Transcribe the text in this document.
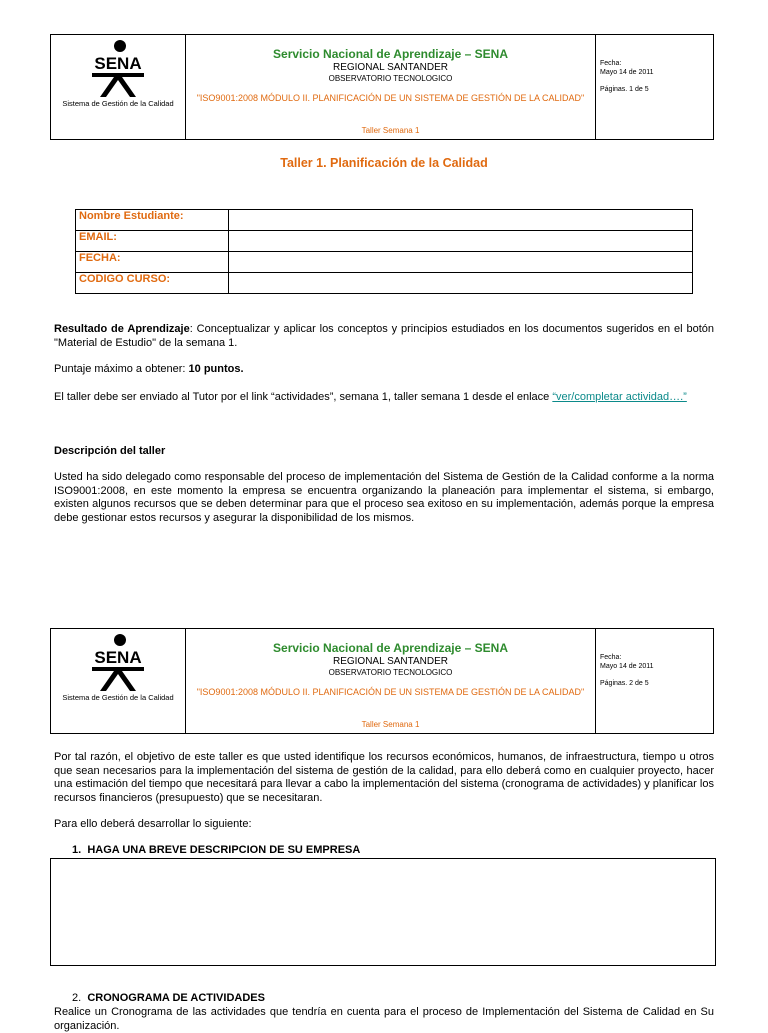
SENA
Sistema de Gestión de la Calidad
Servicio Nacional de Aprendizaje – SENA
REGIONAL SANTANDER
OBSERVATORIO TECNOLOGICO
"ISO9001:2008 MÓDULO II. PLANIFICACIÓN DE UN SISTEMA DE GESTIÓN DE LA CALIDAD"
Taller Semana 1
Fecha:
Mayo 14 de 2011
Páginas. 1 de 5
Taller 1. Planificación de la Calidad
Nombre Estudiante:	
EMAIL:	
FECHA:	
CODIGO CURSO:	
Resultado de Aprendizaje: Conceptualizar y aplicar los conceptos y principios estudiados en los documentos sugeridos en el botón "Material de Estudio" de la semana 1.
Puntaje máximo a obtener: 10 puntos.
El taller debe ser enviado al Tutor por el link “actividades”, semana 1, taller semana 1 desde el enlace “ver/completar actividad….”
Descripción del taller
Usted ha sido delegado como responsable del proceso de implementación del Sistema de Gestión de la Calidad conforme a la norma ISO9001:2008, en este momento la empresa se encuentra organizando la planeación para implementar el sistema, si embargo, existen algunos recursos que se deben determinar para que el proceso sea exitoso en su implementación, además porque la empresa debe gestionar estos recursos y asegurar la disponibilidad de los mismos.
SENA
Sistema de Gestión de la Calidad
Servicio Nacional de Aprendizaje – SENA
REGIONAL SANTANDER
OBSERVATORIO TECNOLOGICO
"ISO9001:2008 MÓDULO II. PLANIFICACIÓN DE UN SISTEMA DE GESTIÓN DE LA CALIDAD"
Taller Semana 1
Fecha:
Mayo 14 de 2011
Páginas. 2 de 5
Por tal razón, el objetivo de este taller es que usted identifique los recursos económicos, humanos, de infraestructura, tiempo u otros que sean necesarios para la implementación del sistema de gestión de la calidad, para ello deberá como en cualquier proyecto, hacer una estimación del tiempo que necesitará para llevar a cabo la implementación del sistema (cronograma de actividades) y planificar los recursos financieros (presupuesto) que se necesitaran.
Para ello deberá desarrollar lo siguiente:
1. HAGA UNA BREVE DESCRIPCION DE SU EMPRESA
2. CRONOGRAMA DE ACTIVIDADES
Realice un Cronograma de las actividades que tendría en cuenta para el proceso de Implementación del Sistema de Calidad en Su organización.
